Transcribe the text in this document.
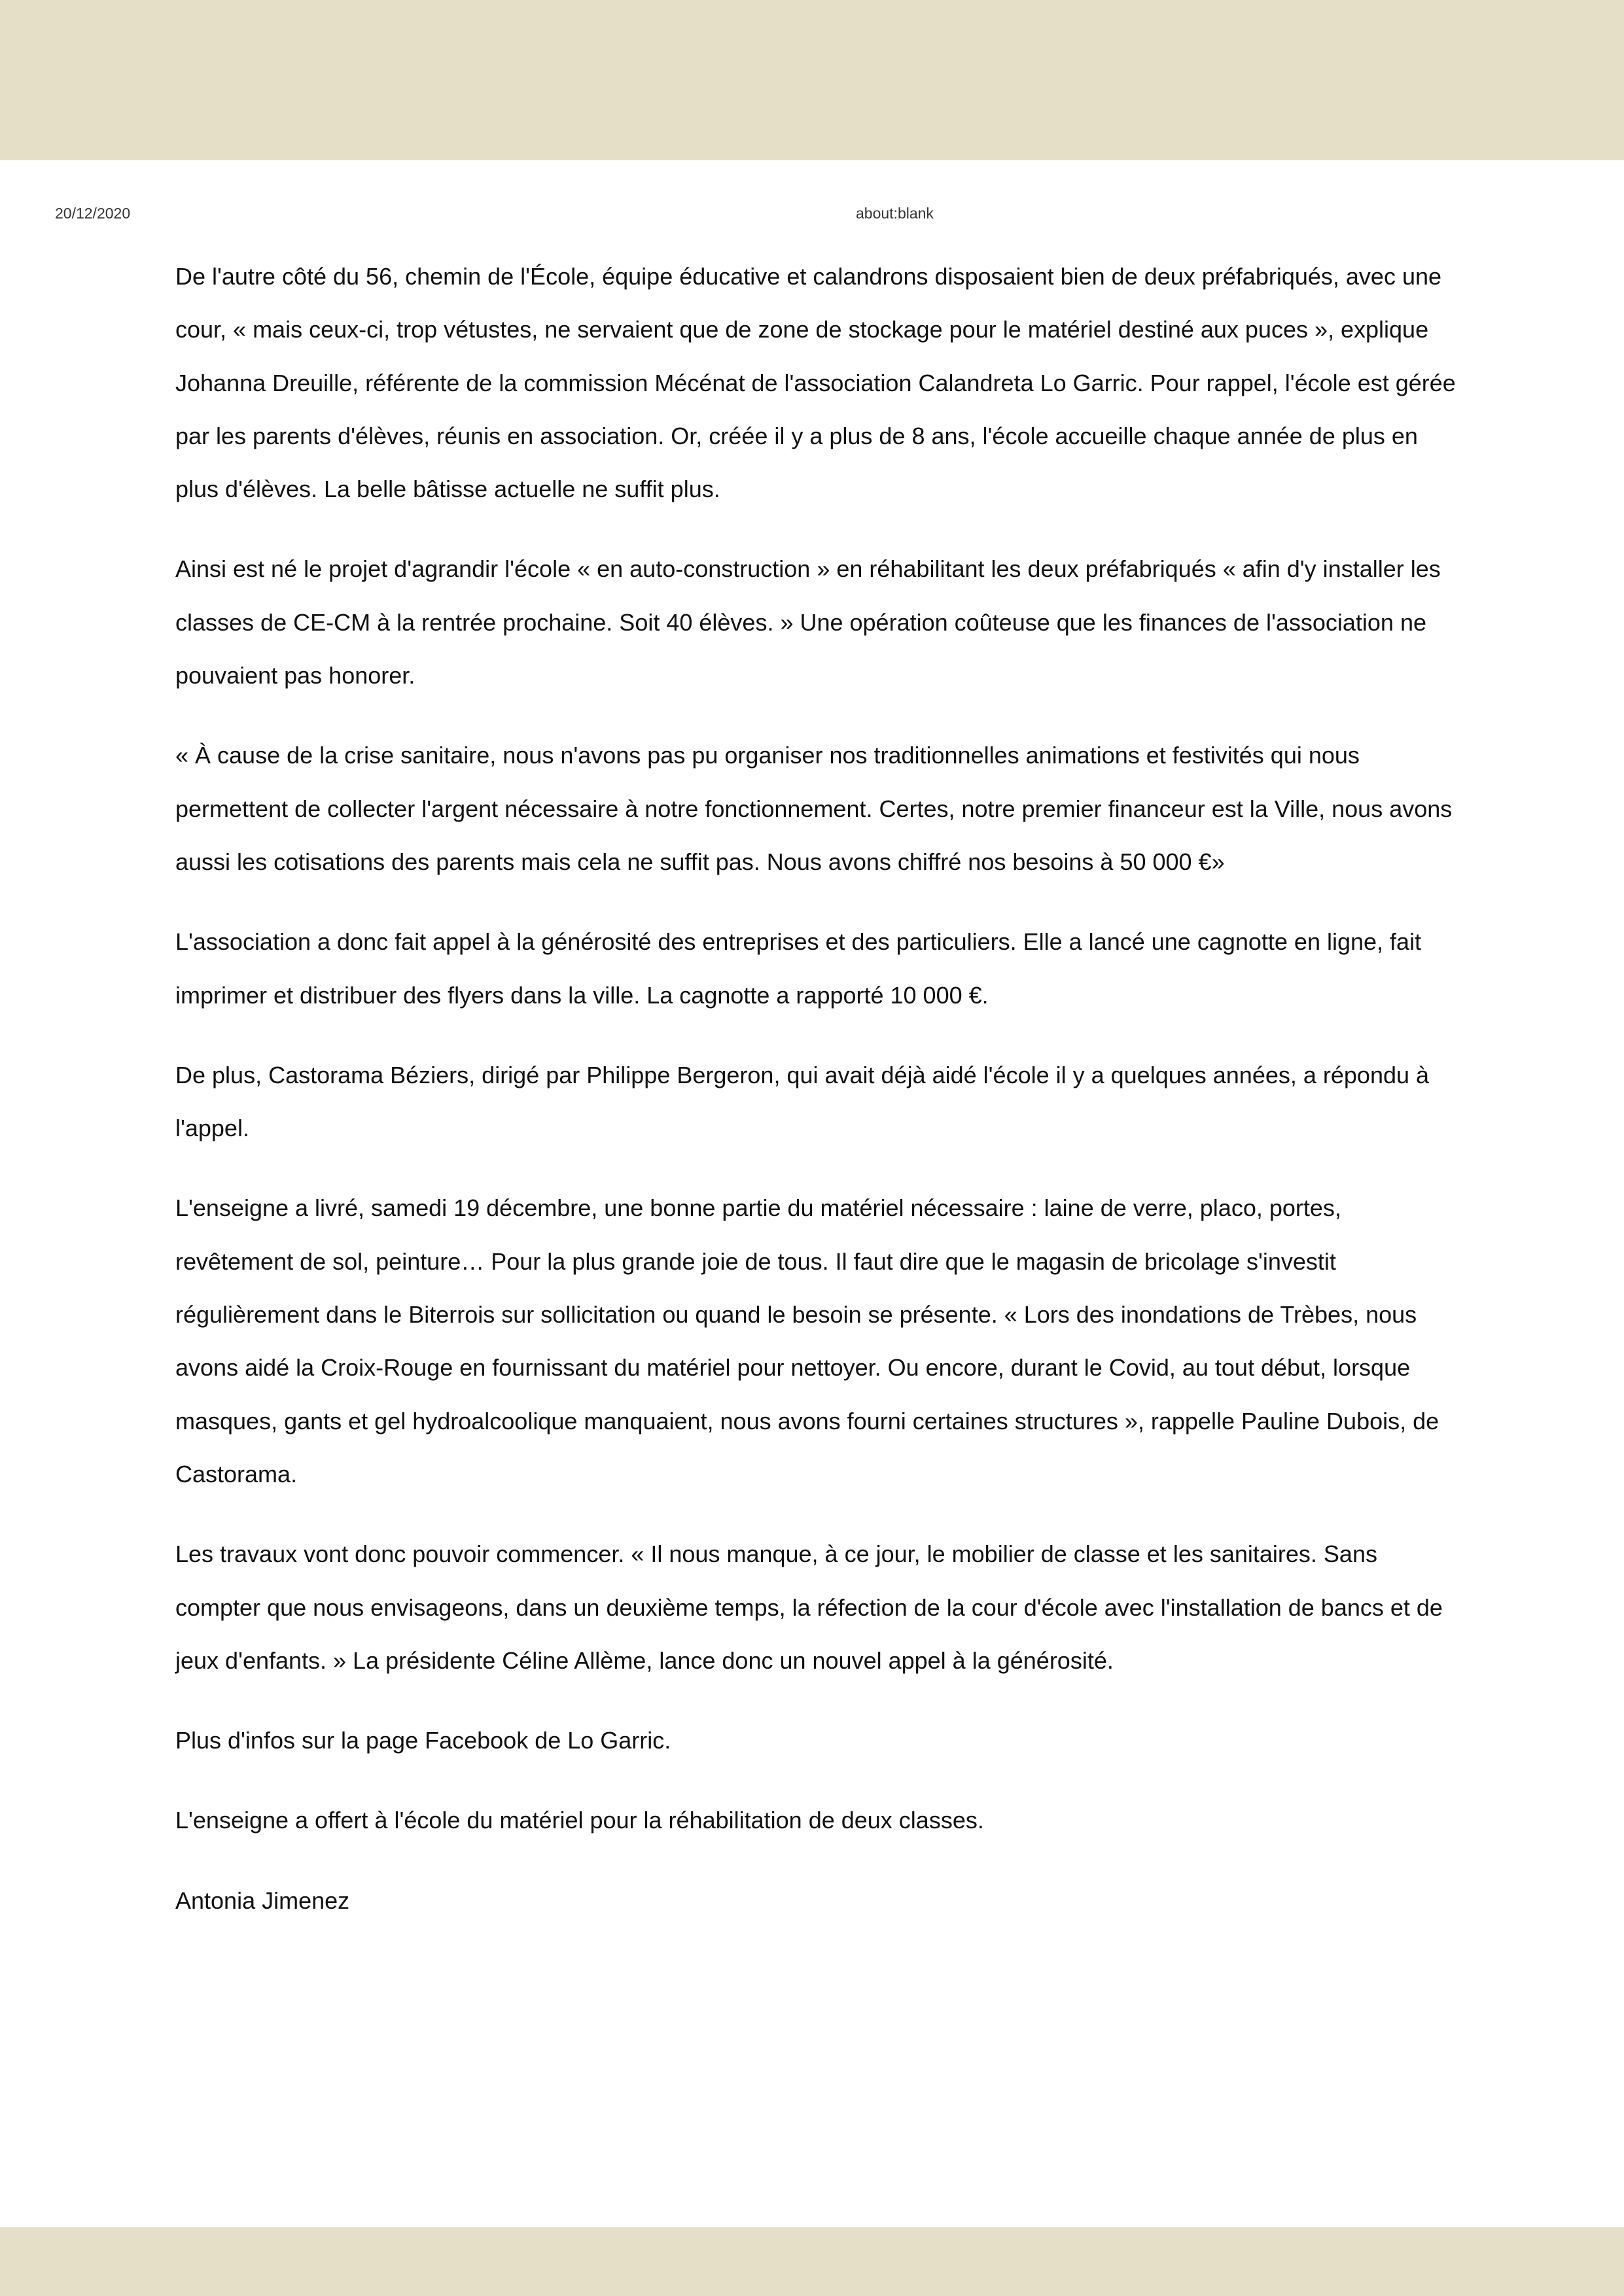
20/12/2020	about:blank

De l'autre côté du 56, chemin de l'École, équipe éducative et calandrons disposaient bien de deux préfabriqués, avec une cour, « mais ceux-ci, trop vétustes, ne servaient que de zone de stockage pour le matériel destiné aux puces », explique Johanna Dreuille, référente de la commission Mécénat de l'association Calandreta Lo Garric. Pour rappel, l'école est gérée par les parents d'élèves, réunis en association. Or, créée il y a plus de 8 ans, l'école accueille chaque année de plus en plus d'élèves. La belle bâtisse actuelle ne suffit plus.

Ainsi est né le projet d'agrandir l'école « en auto-construction » en réhabilitant les deux préfabriqués « afin d'y installer les classes de CE-CM à la rentrée prochaine. Soit 40 élèves. » Une opération coûteuse que les finances de l'association ne pouvaient pas honorer.

« À cause de la crise sanitaire, nous n'avons pas pu organiser nos traditionnelles animations et festivités qui nous permettent de collecter l'argent nécessaire à notre fonctionnement. Certes, notre premier financeur est la Ville, nous avons aussi les cotisations des parents mais cela ne suffit pas. Nous avons chiffré nos besoins à 50 000 €»

L'association a donc fait appel à la générosité des entreprises et des particuliers. Elle a lancé une cagnotte en ligne, fait imprimer et distribuer des flyers dans la ville. La cagnotte a rapporté 10 000 €.

De plus, Castorama Béziers, dirigé par Philippe Bergeron, qui avait déjà aidé l'école il y a quelques années, a répondu à l'appel.

L'enseigne a livré, samedi 19 décembre, une bonne partie du matériel nécessaire : laine de verre, placo, portes, revêtement de sol, peinture… Pour la plus grande joie de tous. Il faut dire que le magasin de bricolage s'investit régulièrement dans le Biterrois sur sollicitation ou quand le besoin se présente. « Lors des inondations de Trèbes, nous avons aidé la Croix-Rouge en fournissant du matériel pour nettoyer. Ou encore, durant le Covid, au tout début, lorsque masques, gants et gel hydroalcoolique manquaient, nous avons fourni certaines structures », rappelle Pauline Dubois, de Castorama.

Les travaux vont donc pouvoir commencer. « Il nous manque, à ce jour, le mobilier de classe et les sanitaires. Sans compter que nous envisageons, dans un deuxième temps, la réfection de la cour d'école avec l'installation de bancs et de jeux d'enfants. » La présidente Céline Allème, lance donc un nouvel appel à la générosité.

Plus d'infos sur la page Facebook de Lo Garric.

L'enseigne a offert à l'école du matériel pour la réhabilitation de deux classes.

Antonia Jimenez
